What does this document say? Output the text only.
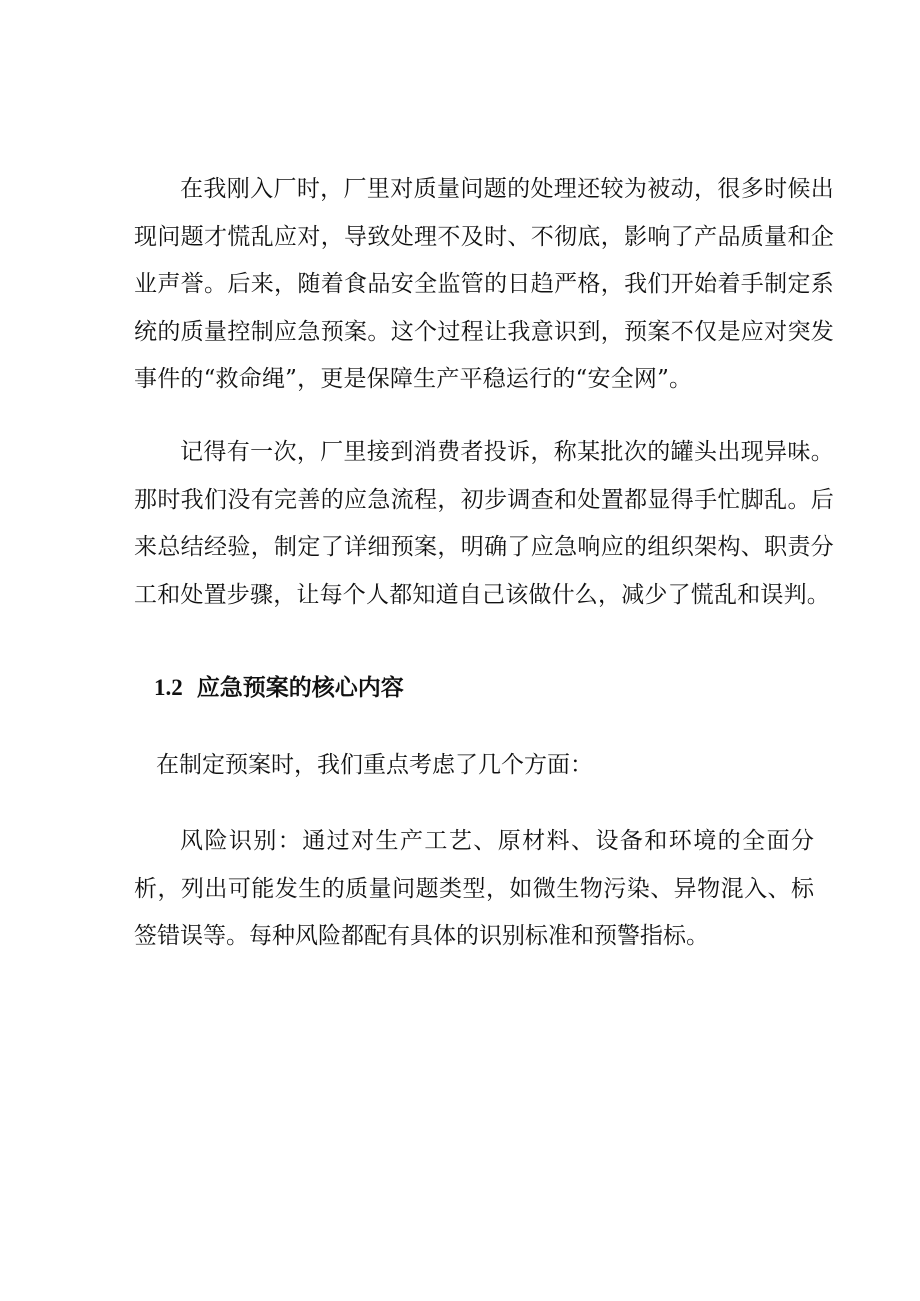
在我刚入厂时，厂里对质量问题的处理还较为被动，很多时候出现问题才慌乱应对，导致处理不及时、不彻底，影响了产品质量和企业声誉。后来，随着食品安全监管的日趋严格，我们开始着手制定系统的质量控制应急预案。这个过程让我意识到，预案不仅是应对突发事件的“救命绳”，更是保障生产平稳运行的“安全网”。

记得有一次，厂里接到消费者投诉，称某批次的罐头出现异味。那时我们没有完善的应急流程，初步调查和处置都显得手忙脚乱。后来总结经验，制定了详细预案，明确了应急响应的组织架构、职责分工和处置步骤，让每个人都知道自己该做什么，减少了慌乱和误判。

1.2 应急预案的核心内容

在制定预案时，我们重点考虑了几个方面：

风险识别：通过对生产工艺、原材料、设备和环境的全面分析，列出可能发生的质量问题类型，如微生物污染、异物混入、标签错误等。每种风险都配有具体的识别标准和预警指标。
